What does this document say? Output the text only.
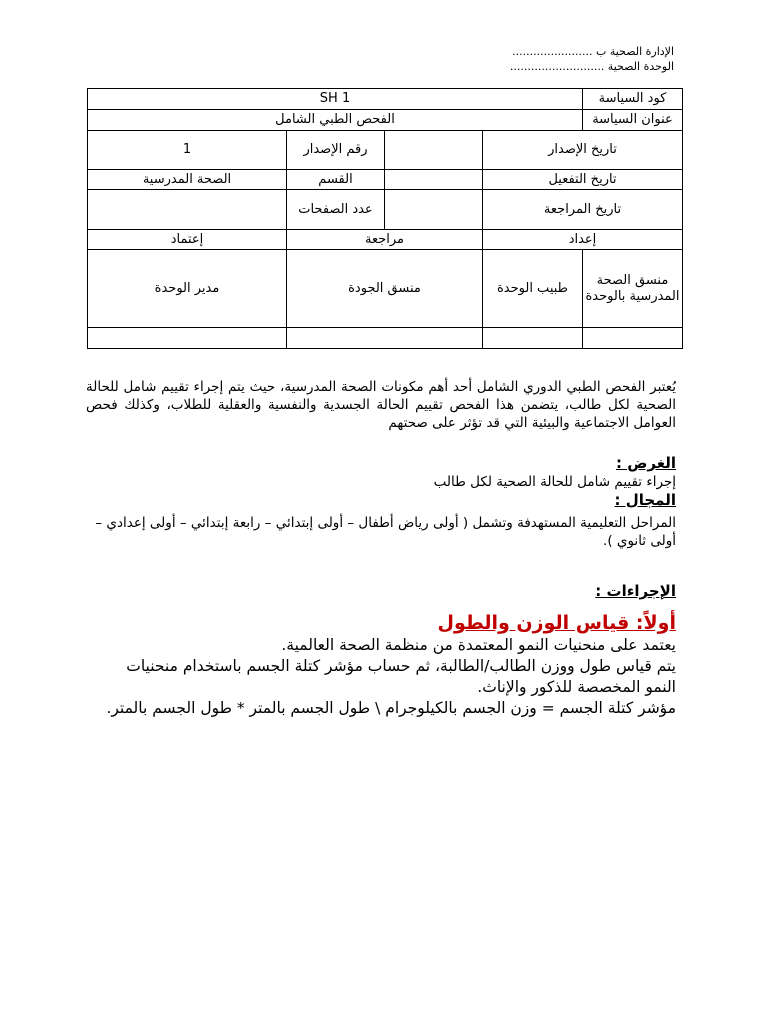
الإدارة الصحية ب .......................
الوحدة الصحية ...........................
كود السياسة	SH 1			
عنوان السياسة	الفحص الطبي الشامل			
تاريخ الإصدار			رقم الإصدار	1
تاريخ التفعيل			القسم	الصحة المدرسية
تاريخ المراجعة			عدد الصفحات	
إعداد		مراجعة		إعتماد
منسق الصحة المدرسية بالوحدة	طبيب الوحدة	منسق الجودة		مدير الوحدة

يُعتبر الفحص الطبي الدوري الشامل أحد أهم مكونات الصحة المدرسية، حيث يتم إجراء تقييم شامل للحالة الصحية لكل طالب، يتضمن هذا الفحص تقييم الحالة الجسدية والنفسية والعقلية للطلاب، وكذلك فحص العوامل الاجتماعية والبيئية التي قد تؤثر على صحتهم

الغرض :

إجراء تقييم شامل للحالة الصحية لكل طالب

المجال :

المراحل التعليمية المستهدفة وتشمل ( أولى رياض أطفال – أولى إبتدائي – رابعة إبتدائي – أولى إعدادي – أولى ثانوي ).

الإجراءات :

أولاً: قياس الوزن والطول

يعتمد على منحنيات النمو المعتمدة من منظمة الصحة العالمية.

يتم قياس طول ووزن الطالب/الطالبة، ثم حساب مؤشر كتلة الجسم باستخدام منحنيات

النمو المخصصة للذكور والإناث.

مؤشر كتلة الجسم = وزن الجسم بالكيلوجرام \ طول الجسم بالمتر * طول الجسم بالمتر.
